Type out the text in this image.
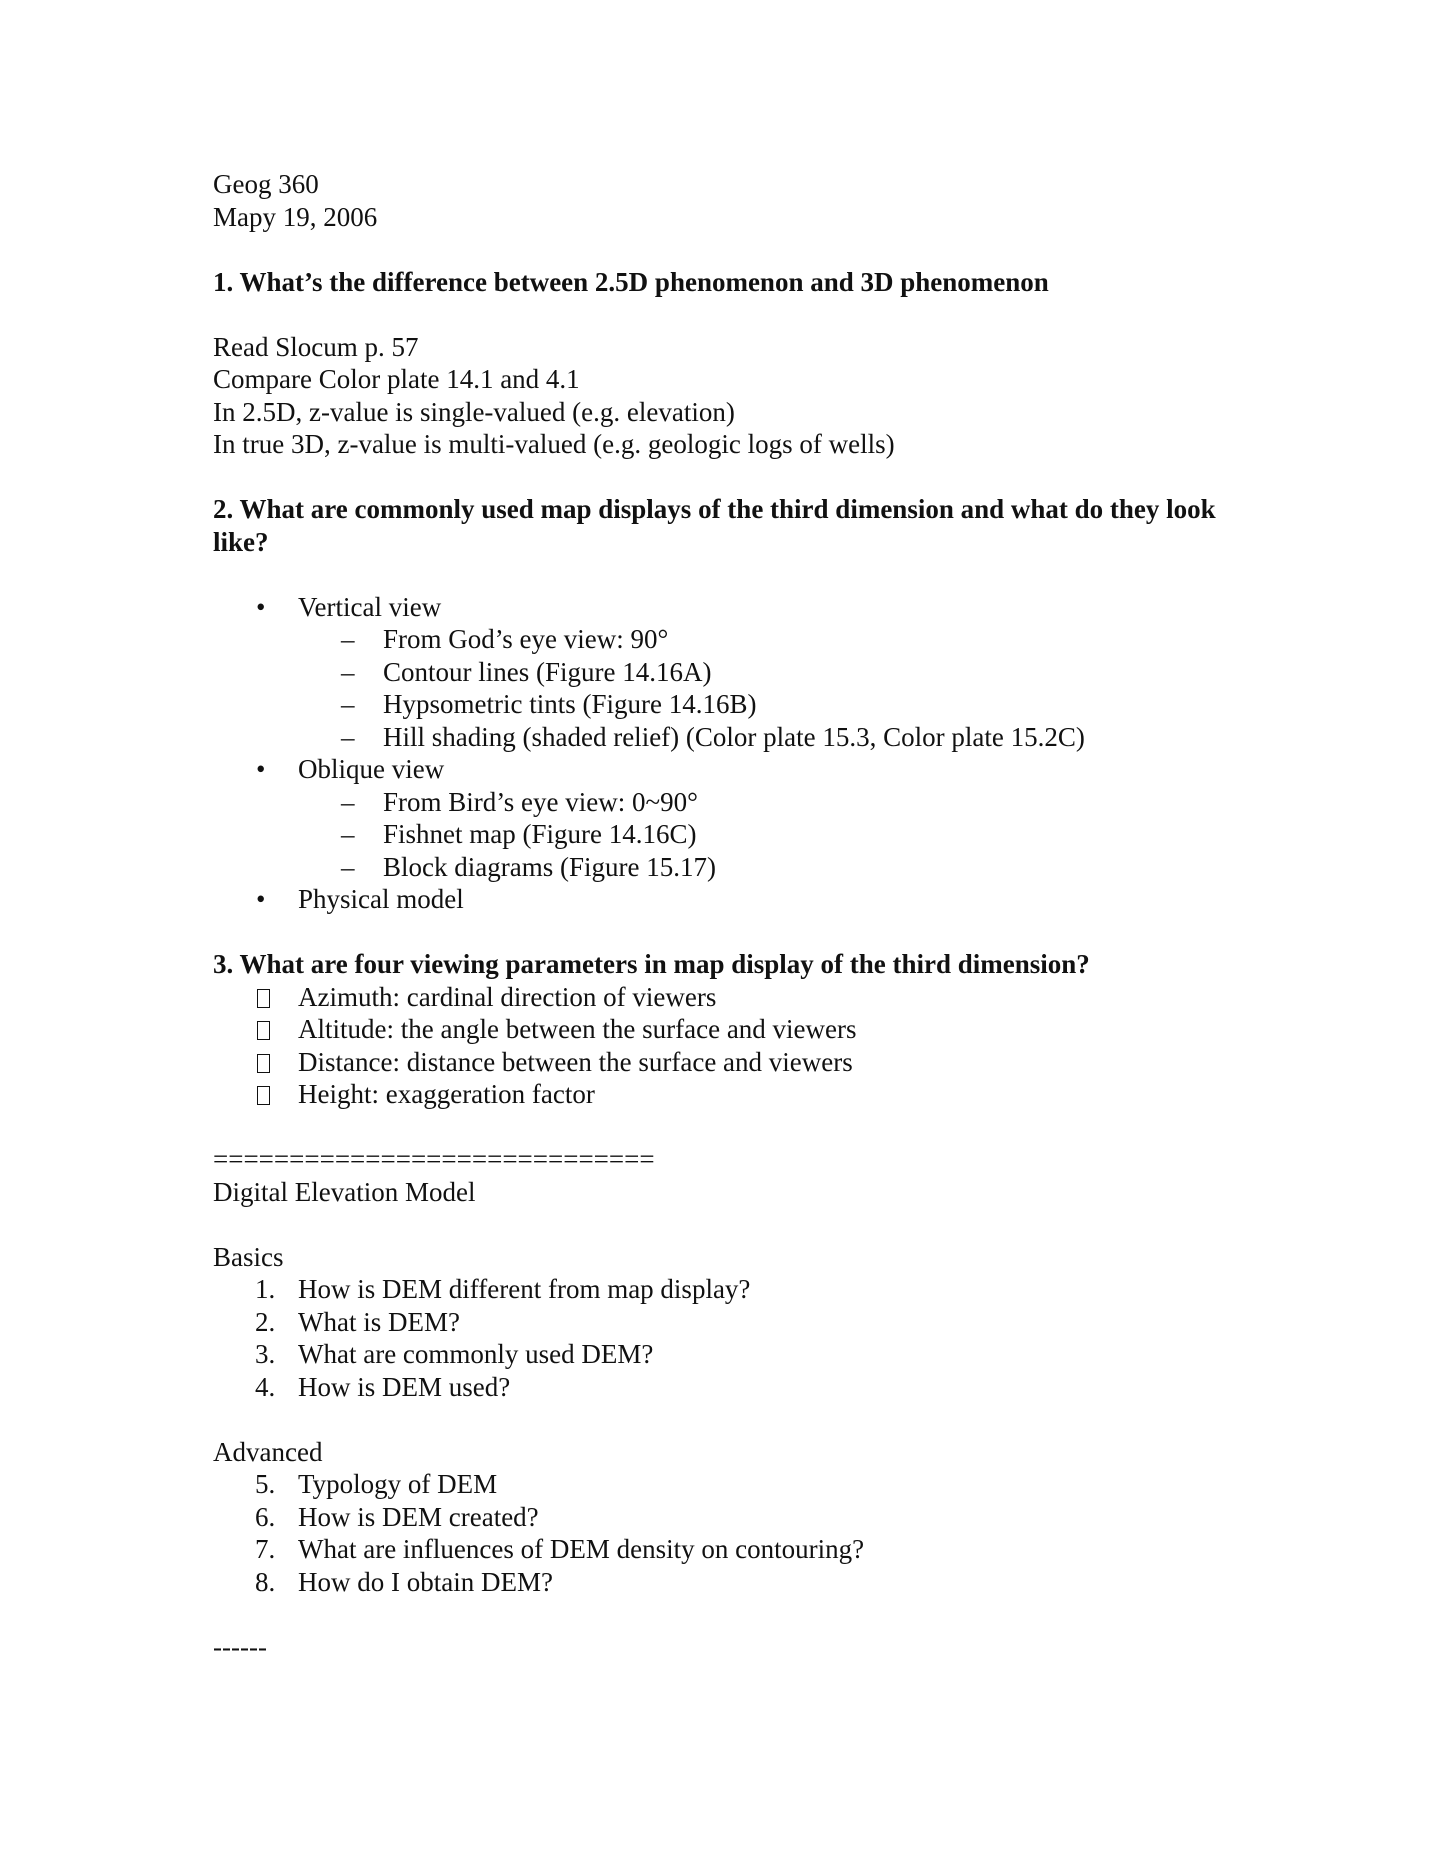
Geog 360
Mapy 19, 2006
1. What’s the difference between 2.5D phenomenon and 3D phenomenon
Read Slocum p. 57
Compare Color plate 14.1 and 4.1
In 2.5D, z-value is single-valued (e.g. elevation)
In true 3D, z-value is multi-valued (e.g. geologic logs of wells)
2. What are commonly used map displays of the third dimension and what do they look like?
• Vertical view
– From God’s eye view: 90°
– Contour lines (Figure 14.16A)
– Hypsometric tints (Figure 14.16B)
– Hill shading (shaded relief) (Color plate 15.3, Color plate 15.2C)
• Oblique view
– From Bird’s eye view: 0~90°
– Fishnet map (Figure 14.16C)
– Block diagrams (Figure 15.17)
• Physical model
3. What are four viewing parameters in map display of the third dimension?
Azimuth: cardinal direction of viewers
Altitude: the angle between the surface and viewers
Distance: distance between the surface and viewers
Height: exaggeration factor
=============================
Digital Elevation Model
Basics
1. How is DEM different from map display?
2. What is DEM?
3. What are commonly used DEM?
4. How is DEM used?
Advanced
5. Typology of DEM
6. How is DEM created?
7. What are influences of DEM density on contouring?
8. How do I obtain DEM?
------
